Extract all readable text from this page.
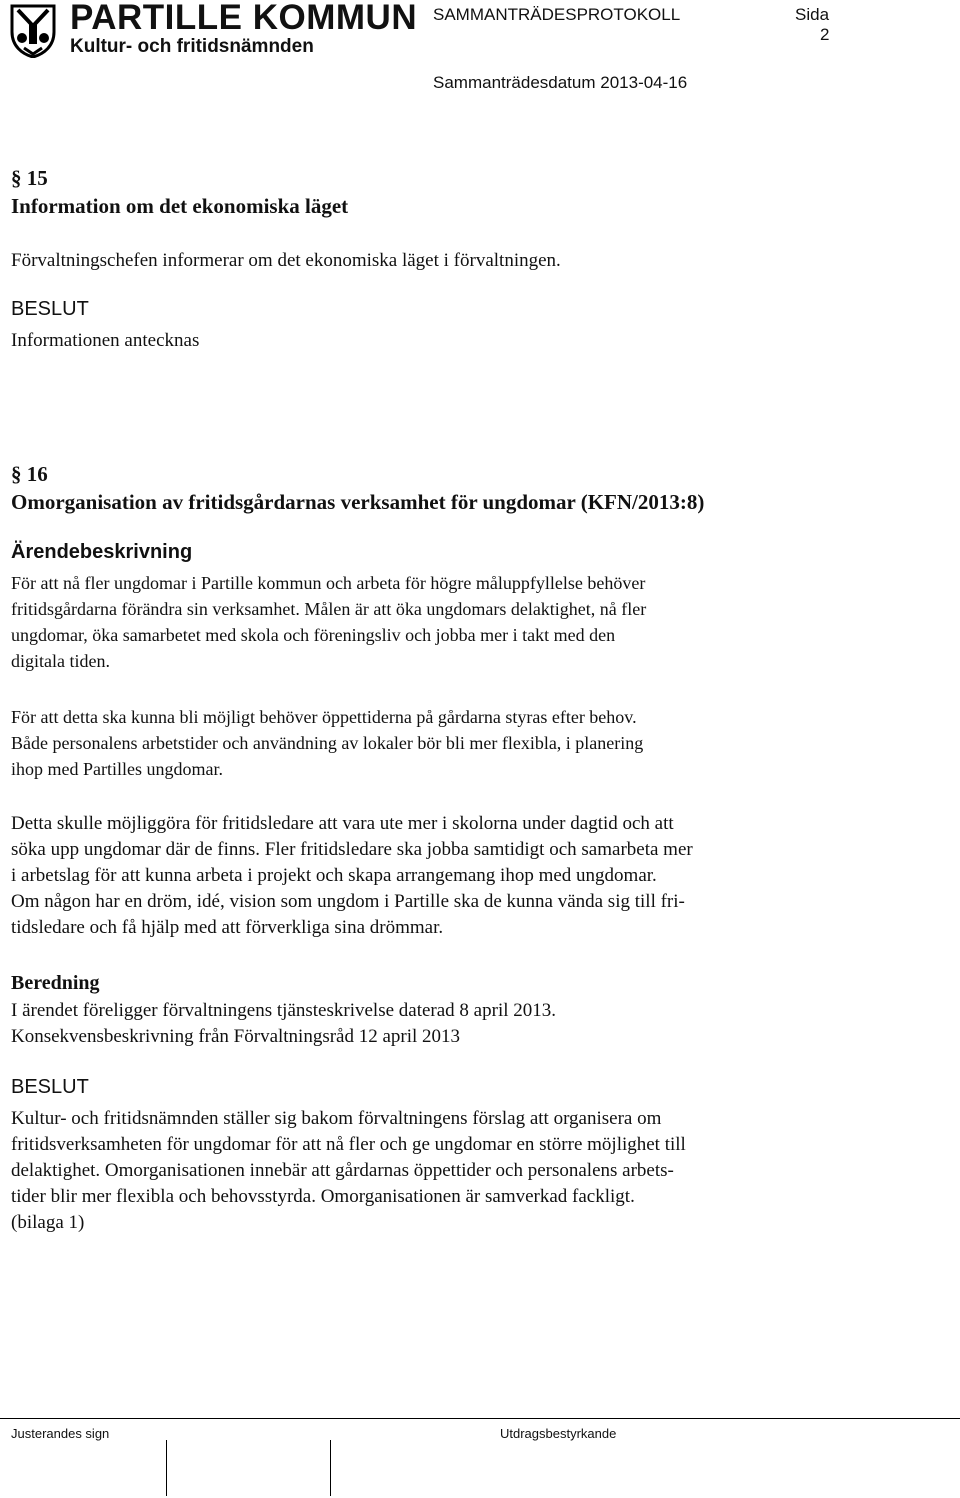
PARTILLE KOMMUN
Kultur- och fritidsnämnden
SAMMANTRÄDESPROTOKOLL	Sida
2
Sammanträdesdatum 2013-04-16
§ 15
Information om det ekonomiska läget
Förvaltningschefen informerar om det ekonomiska läget i förvaltningen.
BESLUT
Informationen antecknas
§ 16
Omorganisation av fritidsgårdarnas verksamhet för ungdomar (KFN/2013:8)
Ärendebeskrivning
För att nå fler ungdomar i Partille kommun och arbeta för högre måluppfyllelse behöver
fritidsgårdarna förändra sin verksamhet. Målen är att öka ungdomars delaktighet, nå fler
ungdomar, öka samarbetet med skola och föreningsliv och jobba mer i takt med den
digitala tiden.
För att detta ska kunna bli möjligt behöver öppettiderna på gårdarna styras efter behov.
Både personalens arbetstider och användning av lokaler bör bli mer flexibla, i planering
ihop med Partilles ungdomar.
Detta skulle möjliggöra för fritidsledare att vara ute mer i skolorna under dagtid och att
söka upp ungdomar där de finns. Fler fritidsledare ska jobba samtidigt och samarbeta mer
i arbetslag för att kunna arbeta i projekt och skapa arrangemang ihop med ungdomar.
Om någon har en dröm, idé, vision som ungdom i Partille ska de kunna vända sig till fri-
tidsledare och få hjälp med att förverkliga sina drömmar.
Beredning
I ärendet föreligger förvaltningens tjänsteskrivelse daterad 8 april 2013.
Konsekvensbeskrivning från Förvaltningsråd 12 april 2013
BESLUT
Kultur- och fritidsnämnden ställer sig bakom förvaltningens förslag att organisera om
fritidsverksamheten för ungdomar för att nå fler och ge ungdomar en större möjlighet till
delaktighet. Omorganisationen innebär att gårdarnas öppettider och personalens arbets-
tider blir mer flexibla och behovsstyrda. Omorganisationen är samverkad fackligt.
(bilaga 1)
Justerandes sign	Utdragsbestyrkande
